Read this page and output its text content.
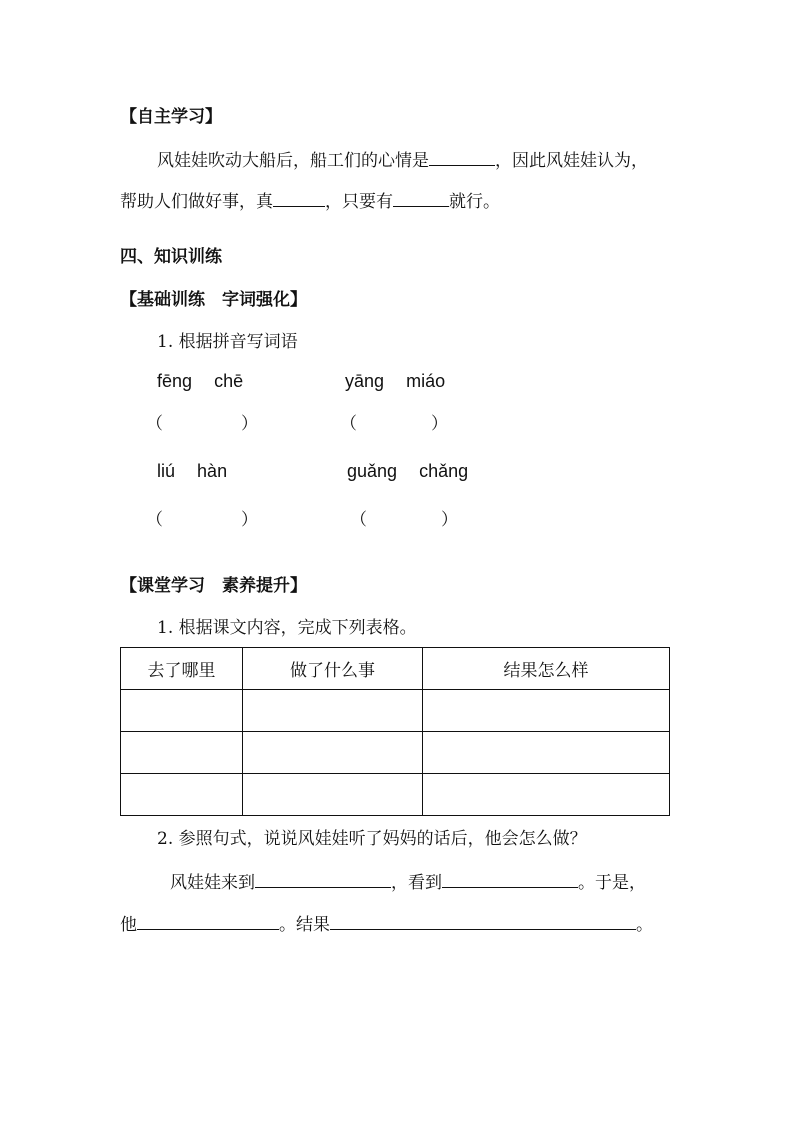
【自主学习】
风娃娃吹动大船后，船工们的心情是	，因此风娃娃认为，
帮助人们做好事，真	，只要有	就行。
四、知识训练
【基础训练　字词强化】
1. 根据拼音写词语
fēng chē	yāng miáo
（	）	（	）
liú hàn	guǎng chǎng
（	）	（	）
【课堂学习　素养提升】
1. 根据课文内容，完成下列表格。
去了哪里	做了什么事	结果怎么样

2. 参照句式，说说风娃娃听了妈妈的话后，他会怎么做？
风娃娃来到	，看到	。于是，
他	。结果	。
